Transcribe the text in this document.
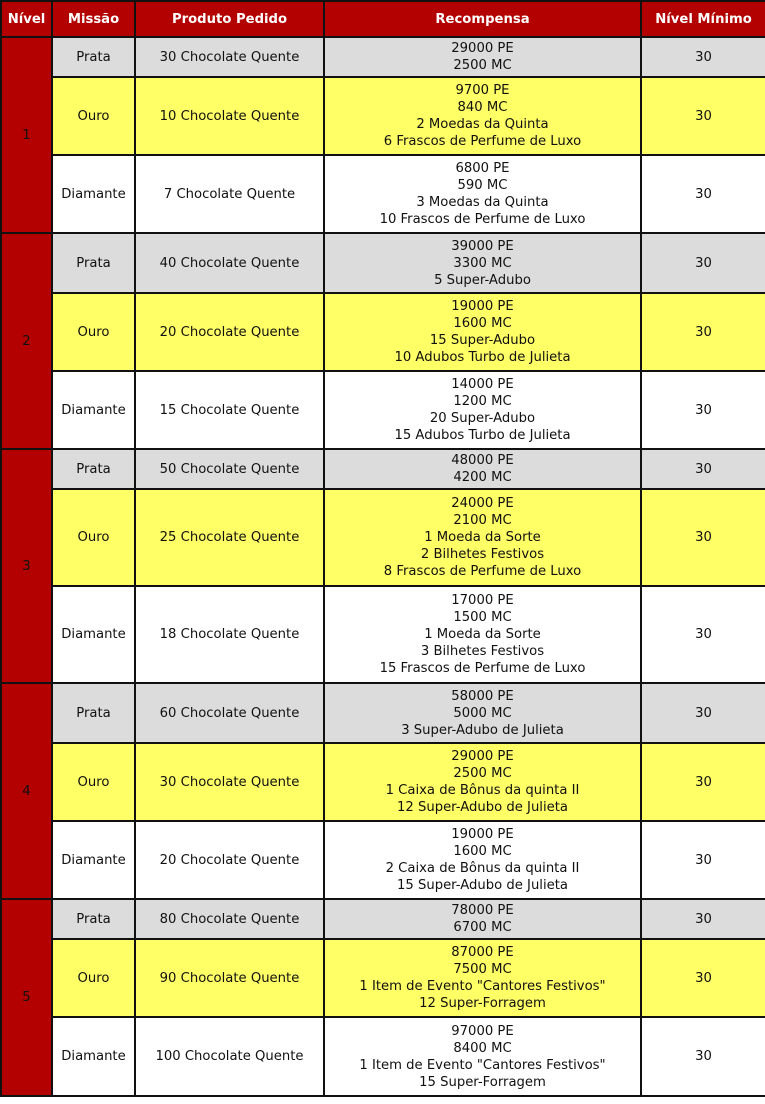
Nível	Missão	Produto Pedido	Recompensa	Nível Mínimo
1	Prata	30 Chocolate Quente	29000 PE
2500 MC	30
	Ouro	10 Chocolate Quente	9700 PE
840 MC
2 Moedas da Quinta
6 Frascos de Perfume de Luxo	30
	Diamante	7 Chocolate Quente	6800 PE
590 MC
3 Moedas da Quinta
10 Frascos de Perfume de Luxo	30
2	Prata	40 Chocolate Quente	39000 PE
3300 MC
5 Super-Adubo	30
	Ouro	20 Chocolate Quente	19000 PE
1600 MC
15 Super-Adubo
10 Adubos Turbo de Julieta	30
	Diamante	15 Chocolate Quente	14000 PE
1200 MC
20 Super-Adubo
15 Adubos Turbo de Julieta	30
3	Prata	50 Chocolate Quente	48000 PE
4200 MC	30
	Ouro	25 Chocolate Quente	24000 PE
2100 MC
1 Moeda da Sorte
2 Bilhetes Festivos
8 Frascos de Perfume de Luxo	30
	Diamante	18 Chocolate Quente	17000 PE
1500 MC
1 Moeda da Sorte
3 Bilhetes Festivos
15 Frascos de Perfume de Luxo	30
4	Prata	60 Chocolate Quente	58000 PE
5000 MC
3 Super-Adubo de Julieta	30
	Ouro	30 Chocolate Quente	29000 PE
2500 MC
1 Caixa de Bônus da quinta II
12 Super-Adubo de Julieta	30
	Diamante	20 Chocolate Quente	19000 PE
1600 MC
2 Caixa de Bônus da quinta II
15 Super-Adubo de Julieta	30
5	Prata	80 Chocolate Quente	78000 PE
6700 MC	30
	Ouro	90 Chocolate Quente	87000 PE
7500 MC
1 Item de Evento "Cantores Festivos"
12 Super-Forragem	30
	Diamante	100 Chocolate Quente	97000 PE
8400 MC
1 Item de Evento "Cantores Festivos"
15 Super-Forragem	30
